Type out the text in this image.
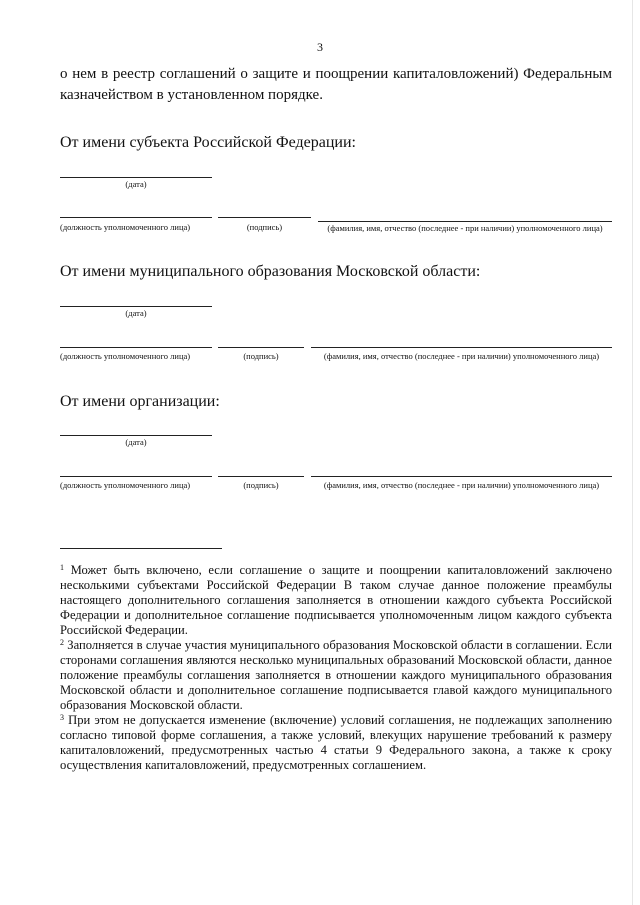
3
о нем в реестр соглашений о защите и поощрении капиталовложений) Федеральным казначейством в установленном порядке.
От имени субъекта Российской Федерации:
(дата)
(должность уполномоченного лица)	(подпись)	(фамилия, имя, отчество (последнее - при наличии) уполномоченного лица)
От имени муниципального образования Московской области:
(дата)
(должность уполномоченного лица)	(подпись)	(фамилия, имя, отчество (последнее - при наличии) уполномоченного лица)
От имени организации:
(дата)
(должность уполномоченного лица)	(подпись)	(фамилия, имя, отчество (последнее - при наличии) уполномоченного лица)

$^1$ Может быть включено, если соглашение о защите и поощрении капиталовложений заключено несколькими субъектами Российской Федерации В таком случае данное положение преамбулы настоящего дополнительного соглашения заполняется в отношении каждого субъекта Российской Федерации и дополнительное соглашение подписывается уполномоченным лицом каждого субъекта Российской Федерации.

$^2$ Заполняется в случае участия муниципального образования Московской области в соглашении. Если сторонами соглашения являются несколько муниципальных образований Московской области, данное положение преамбулы соглашения заполняется в отношении каждого муниципального образования Московской области и дополнительное соглашение подписывается главой каждого муниципального образования Московской области.

$^3$ При этом не допускается изменение (включение) условий соглашения, не подлежащих заполнению согласно типовой форме соглашения, а также условий, влекущих нарушение требований к размеру капиталовложений, предусмотренных частью 4 статьи 9 Федерального закона, а также к сроку осуществления капиталовложений, предусмотренных соглашением.
